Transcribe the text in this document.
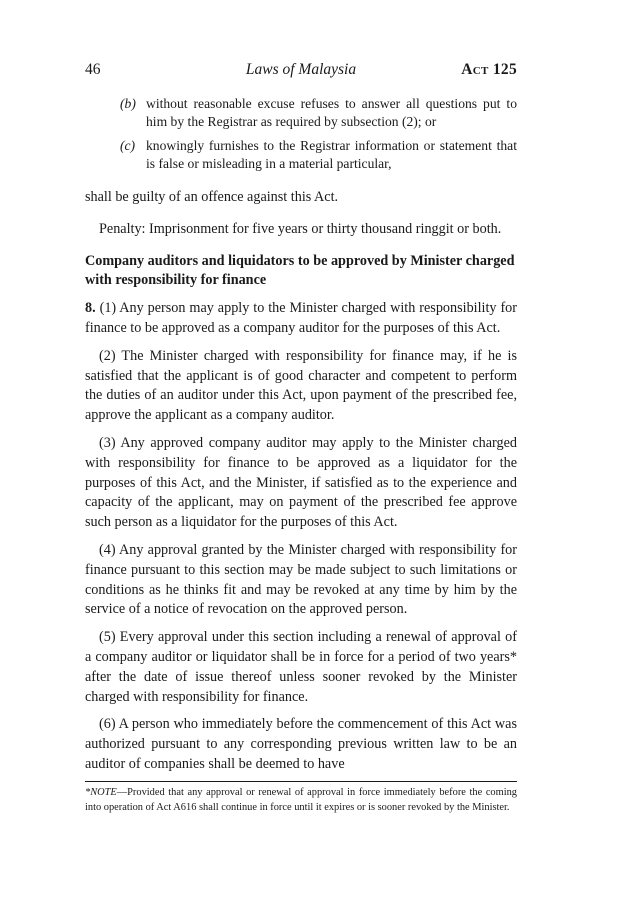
46	Laws of Malaysia	Act 125
(b) without reasonable excuse refuses to answer all questions put to him by the Registrar as required by subsection (2); or
(c) knowingly furnishes to the Registrar information or statement that is false or misleading in a material particular,

shall be guilty of an offence against this Act.

Penalty: Imprisonment for five years or thirty thousand ringgit or both.

Company auditors and liquidators to be approved by Minister charged with responsibility for finance

8. (1) Any person may apply to the Minister charged with responsibility for finance to be approved as a company auditor for the purposes of this Act.

(2) The Minister charged with responsibility for finance may, if he is satisfied that the applicant is of good character and competent to perform the duties of an auditor under this Act, upon payment of the prescribed fee, approve the applicant as a company auditor.

(3) Any approved company auditor may apply to the Minister charged with responsibility for finance to be approved as a liquidator for the purposes of this Act, and the Minister, if satisfied as to the experience and capacity of the applicant, may on payment of the prescribed fee approve such person as a liquidator for the purposes of this Act.

(4) Any approval granted by the Minister charged with responsibility for finance pursuant to this section may be made subject to such limitations or conditions as he thinks fit and may be revoked at any time by him by the service of a notice of revocation on the approved person.

(5) Every approval under this section including a renewal of approval of a company auditor or liquidator shall be in force for a period of two years* after the date of issue thereof unless sooner revoked by the Minister charged with responsibility for finance.

(6) A person who immediately before the commencement of this Act was authorized pursuant to any corresponding previous written law to be an auditor of companies shall be deemed to have

*NOTE—Provided that any approval or renewal of approval in force immediately before the coming into operation of Act A616 shall continue in force until it expires or is sooner revoked by the Minister.
